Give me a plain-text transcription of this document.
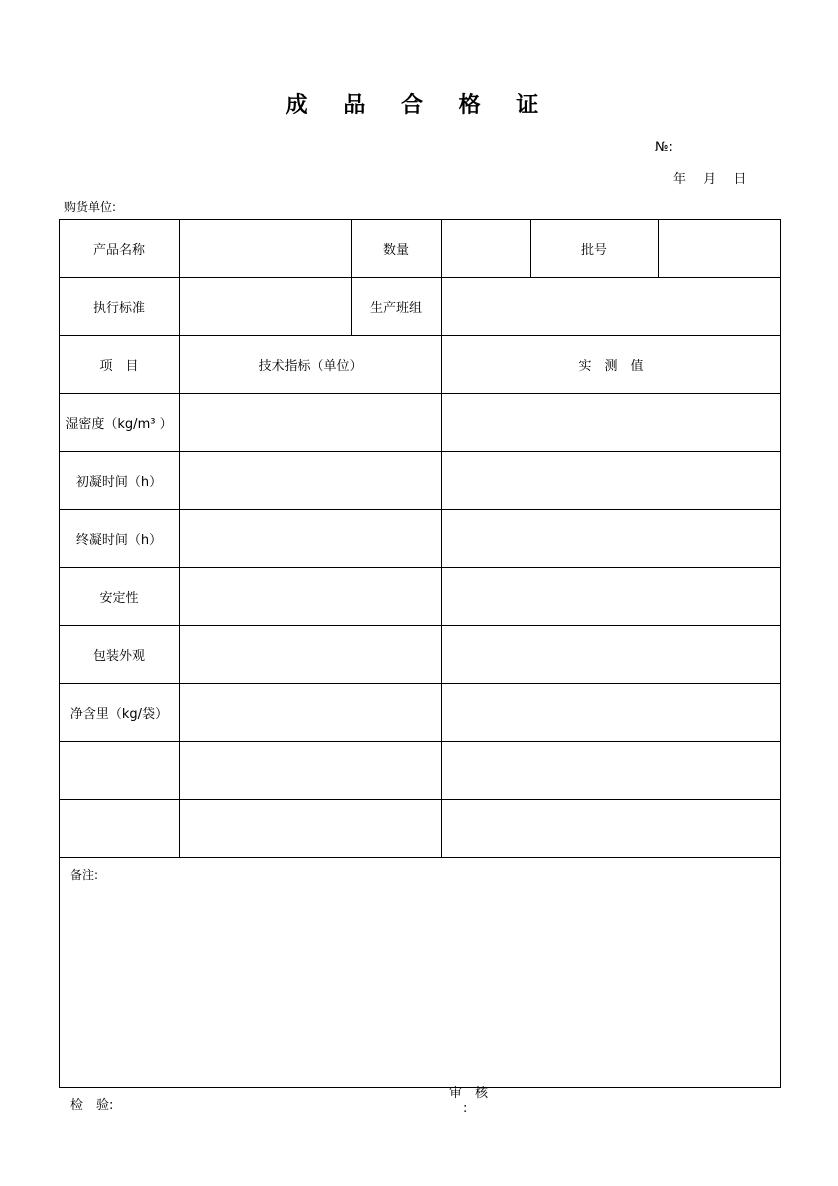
成 品 合 格 证
№:
年 月 日
购货单位:
产品名称	数量	批号
执行标准	生产班组
项　目	技术指标（单位）	实　测　值
湿密度（kg/m³ ）
初凝时间（h）
终凝时间（h）
安定性
包装外观
净含里（kg/袋）
备注:
检　验:
审　核
:
